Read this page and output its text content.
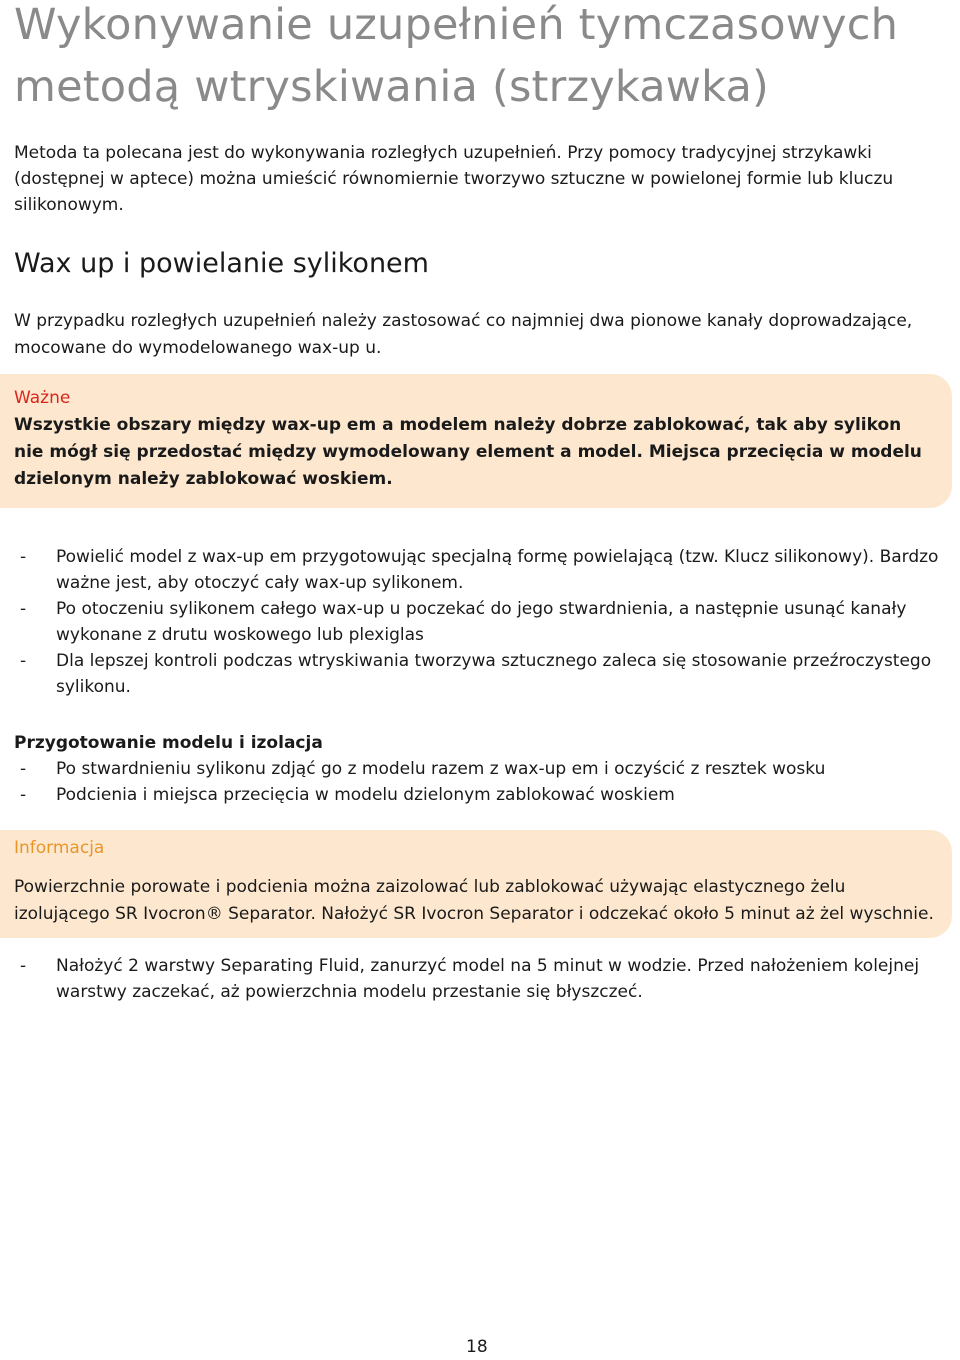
Wykonywanie uzupełnień tymczasowych metodą wtryskiwania (strzykawka)

Metoda ta polecana jest do wykonywania rozległych uzupełnień. Przy pomocy tradycyjnej strzykawki (dostępnej w aptece) można umieścić równomiernie tworzywo sztuczne w powielonej formie lub kluczu silikonowym.

Wax up i powielanie sylikonem

W przypadku rozległych uzupełnień należy zastosować co najmniej dwa pionowe kanały doprowadzające, mocowane do wymodelowanego wax-up u.

Ważne

Wszystkie obszary między wax-up em a modelem należy dobrze zablokować, tak aby sylikon nie mógł się przedostać między wymodelowany element a model. Miejsca przecięcia w modelu dzielonym należy zablokować woskiem.

- Powielić model z wax-up em przygotowując specjalną formę powielającą (tzw. Klucz silikonowy). Bardzo ważne jest, aby otoczyć cały wax-up sylikonem.
- Po otoczeniu sylikonem całego wax-up u poczekać do jego stwardnienia, a następnie usunąć kanały wykonane z drutu woskowego lub plexiglas
- Dla lepszej kontroli podczas wtryskiwania tworzywa sztucznego zaleca się stosowanie przeźroczystego sylikonu.
Przygotowanie modelu i izolacja
- Po stwardnieniu sylikonu zdjąć go z modelu razem z wax-up em i oczyścić z resztek wosku
- Podcienia i miejsca przecięcia w modelu dzielonym zablokować woskiem

Informacja

Powierzchnie porowate i podcienia można zaizolować lub zablokować używając elastycznego żelu izolującego SR Ivocron® Separator. Nałożyć SR Ivocron Separator i odczekać około 5 minut aż żel wyschnie.

- Nałożyć 2 warstwy Separating Fluid, zanurzyć model na 5 minut w wodzie. Przed nałożeniem kolejnej warstwy zaczekać, aż powierzchnia modelu przestanie się błyszczeć.

18
